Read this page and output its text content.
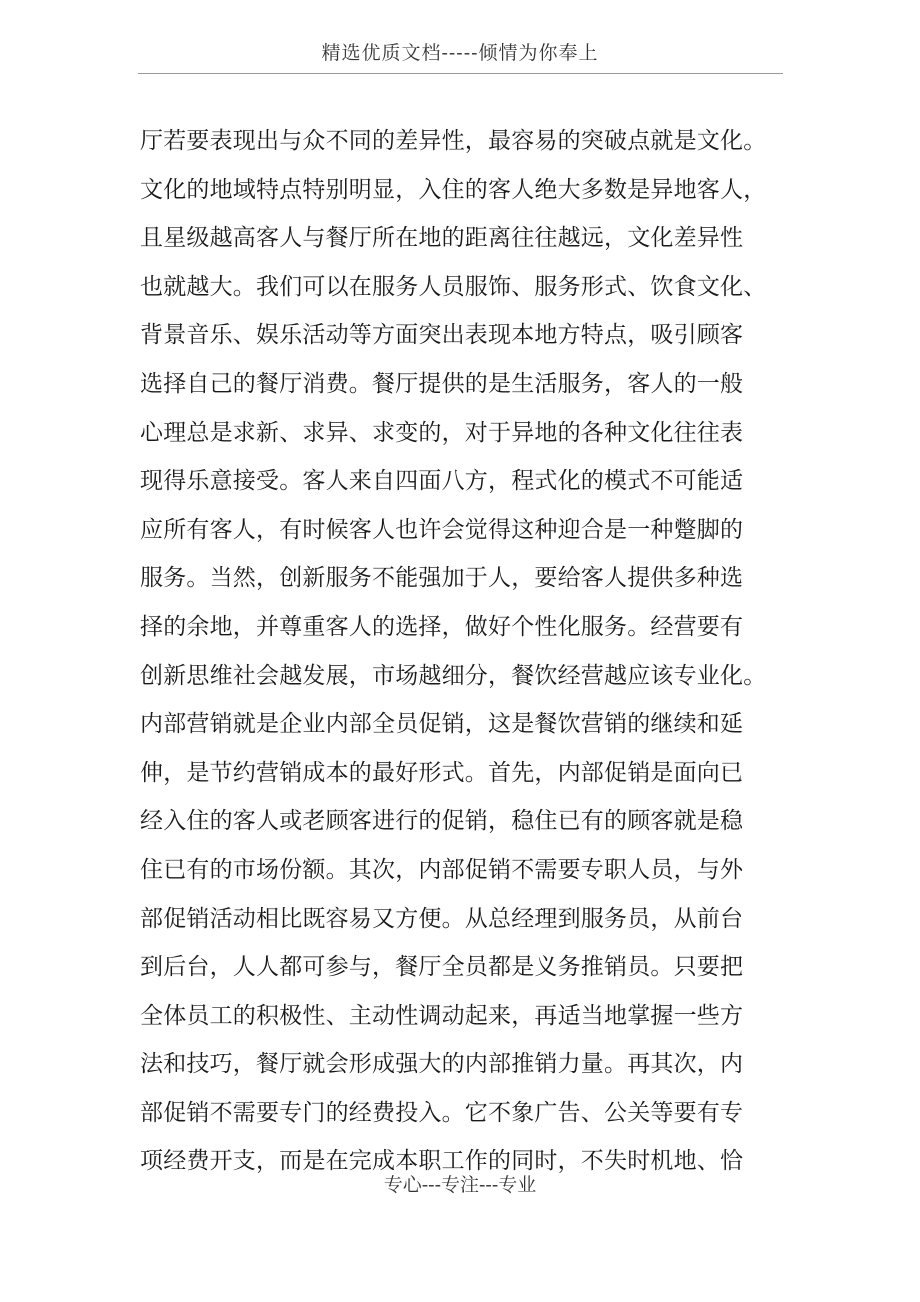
精选优质文档-----倾情为你奉上
厅若要表现出与众不同的差异性，最容易的突破点就是文化。
文化的地域特点特别明显，入住的客人绝大多数是异地客人，
且星级越高客人与餐厅所在地的距离往往越远，文化差异性
也就越大。我们可以在服务人员服饰、服务形式、饮食文化、
背景音乐、娱乐活动等方面突出表现本地方特点，吸引顾客
选择自己的餐厅消费。餐厅提供的是生活服务，客人的一般
心理总是求新、求异、求变的，对于异地的各种文化往往表
现得乐意接受。客人来自四面八方，程式化的模式不可能适
应所有客人，有时候客人也许会觉得这种迎合是一种蹩脚的
服务。当然，创新服务不能强加于人，要给客人提供多种选
择的余地，并尊重客人的选择，做好个性化服务。经营要有
创新思维社会越发展，市场越细分，餐饮经营越应该专业化。
内部营销就是企业内部全员促销，这是餐饮营销的继续和延
伸，是节约营销成本的最好形式。首先，内部促销是面向已
经入住的客人或老顾客进行的促销，稳住已有的顾客就是稳
住已有的市场份额。其次，内部促销不需要专职人员，与外
部促销活动相比既容易又方便。从总经理到服务员，从前台
到后台，人人都可参与，餐厅全员都是义务推销员。只要把
全体员工的积极性、主动性调动起来，再适当地掌握一些方
法和技巧，餐厅就会形成强大的内部推销力量。再其次，内
部促销不需要专门的经费投入。它不象广告、公关等要有专
项经费开支，而是在完成本职工作的同时，不失时机地、恰
专心---专注---专业
